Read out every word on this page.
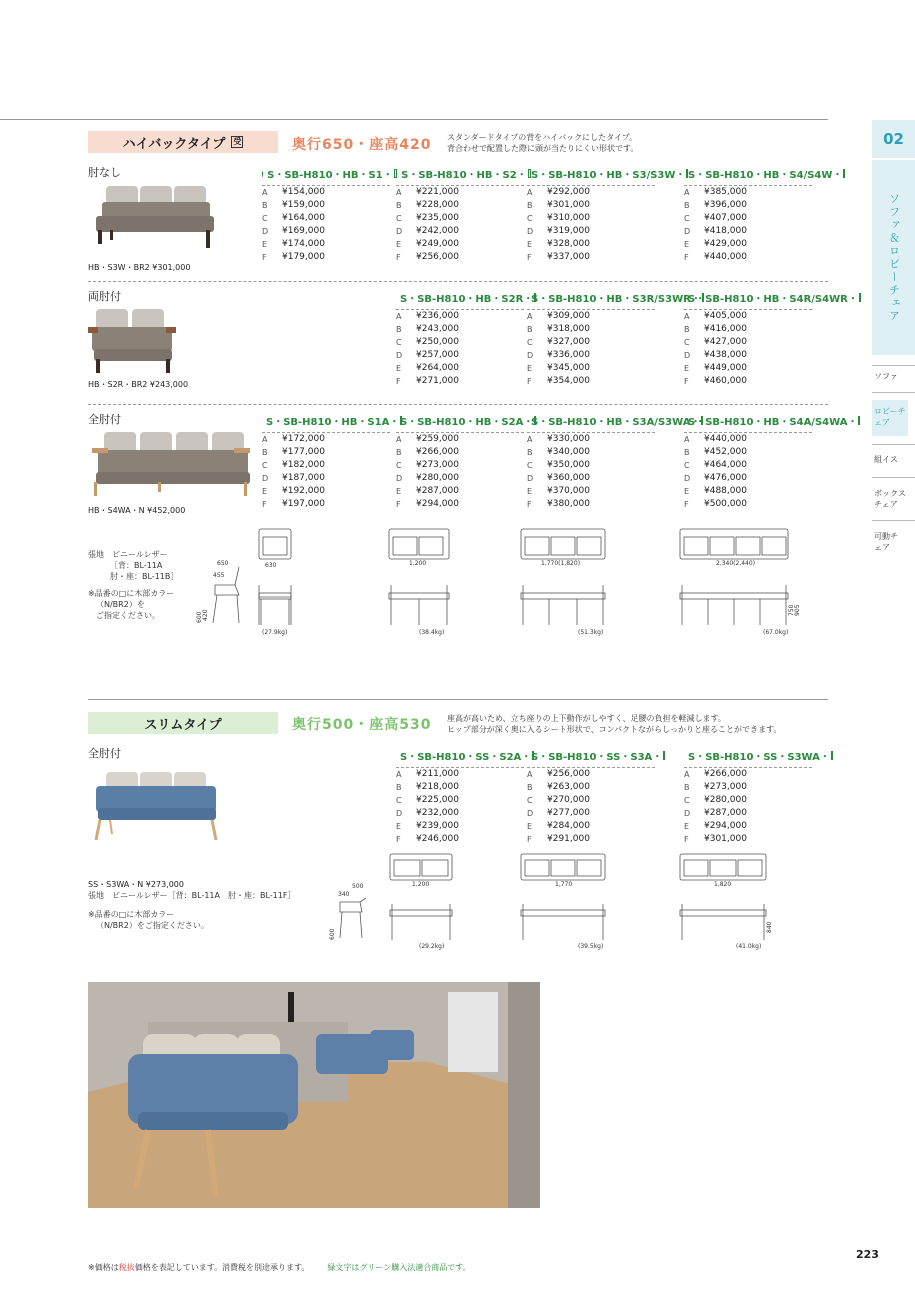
02
ソファ＆ロビーチェア
ソファ
ロビーチェア
組イス
ボックスチェア
可動チェア
ハイバックタイプ 受	奥行650・座高420 スタンダードタイプの背をハイバックにしたタイプ。
背合わせで配置した際に頭が当たりにくい形状です。
肘なし
HB・S3W・BR2 ¥301,000
S・SB-H810・HB・S1・
A	¥154,000
B	¥159,000
C	¥164,000
D	¥169,000
E	¥174,000
F	¥179,000
S・SB-H810・HB・S2・
A	¥221,000
B	¥228,000
C	¥235,000
D	¥242,000
E	¥249,000
F	¥256,000
S・SB-H810・HB・S3/S3W・
A	¥292,000
B	¥301,000
C	¥310,000
D	¥319,000
E	¥328,000
F	¥337,000
S・SB-H810・HB・S4/S4W・
A	¥385,000
B	¥396,000
C	¥407,000
D	¥418,000
E	¥429,000
F	¥440,000
両肘付
HB・S2R・BR2 ¥243,000
S・SB-H810・HB・S2R・
A	¥236,000
B	¥243,000
C	¥250,000
D	¥257,000
E	¥264,000
F	¥271,000
S・SB-H810・HB・S3R/S3WR・
A	¥309,000
B	¥318,000
C	¥327,000
D	¥336,000
E	¥345,000
F	¥354,000
S・SB-H810・HB・S4R/S4WR・
A	¥405,000
B	¥416,000
C	¥427,000
D	¥438,000
E	¥449,000
F	¥460,000
全肘付
HB・S4WA・N ¥452,000
S・SB-H810・HB・S1A・
A	¥172,000
B	¥177,000
C	¥182,000
D	¥187,000
E	¥192,000
F	¥197,000
S・SB-H810・HB・S2A・
A	¥259,000
B	¥266,000
C	¥273,000
D	¥280,000
E	¥287,000
F	¥294,000
S・SB-H810・HB・S3A/S3WA・
A	¥330,000
B	¥340,000
C	¥350,000
D	¥360,000
E	¥370,000
F	¥380,000
S・SB-H810・HB・S4A/S4WA・
A	¥440,000
B	¥452,000
C	¥464,000
D	¥476,000
E	¥488,000
F	¥500,000
張地　ビニールレザー
［背：BL-11A
肘・座：BL-11B］
※品番の□に木部カラー
（N/BR2）を
ご指定ください。
650
455
630
600 420
(27.9kg)
1,200
(38.4kg)
1,770(1,820)
(51.3kg)
2,340(2,440)
750 905
(67.0kg)
スリムタイプ	奥行500・座高530 座高が高いため、立ち座りの上下動作がしやすく、足腰の負担を軽減します。
ヒップ部分が深く奥に入るシート形状で、コンパクトながらしっかりと座ることができます。
全肘付
SS・S3WA・N ¥273,000
張地　ビニールレザー［背：BL-11A　肘・座：BL-11F］
※品番の□に木部カラー
（N/BR2）をご指定ください。
S・SB-H810・SS・S2A・
A	¥211,000
B	¥218,000
C	¥225,000
D	¥232,000
E	¥239,000
F	¥246,000
S・SB-H810・SS・S3A・
A	¥256,000
B	¥263,000
C	¥270,000
D	¥277,000
E	¥284,000
F	¥291,000
S・SB-H810・SS・S3WA・
A	¥266,000
B	¥273,000
C	¥280,000
D	¥287,000
E	¥294,000
F	¥301,000
500
340
1,200
600
(29.2kg)
1,770
(39.5kg)
1,820
840
(41.0kg)
※価格は税抜価格を表記しています。消費税を別途承ります。 緑文字はグリーン購入法適合商品です。
223
